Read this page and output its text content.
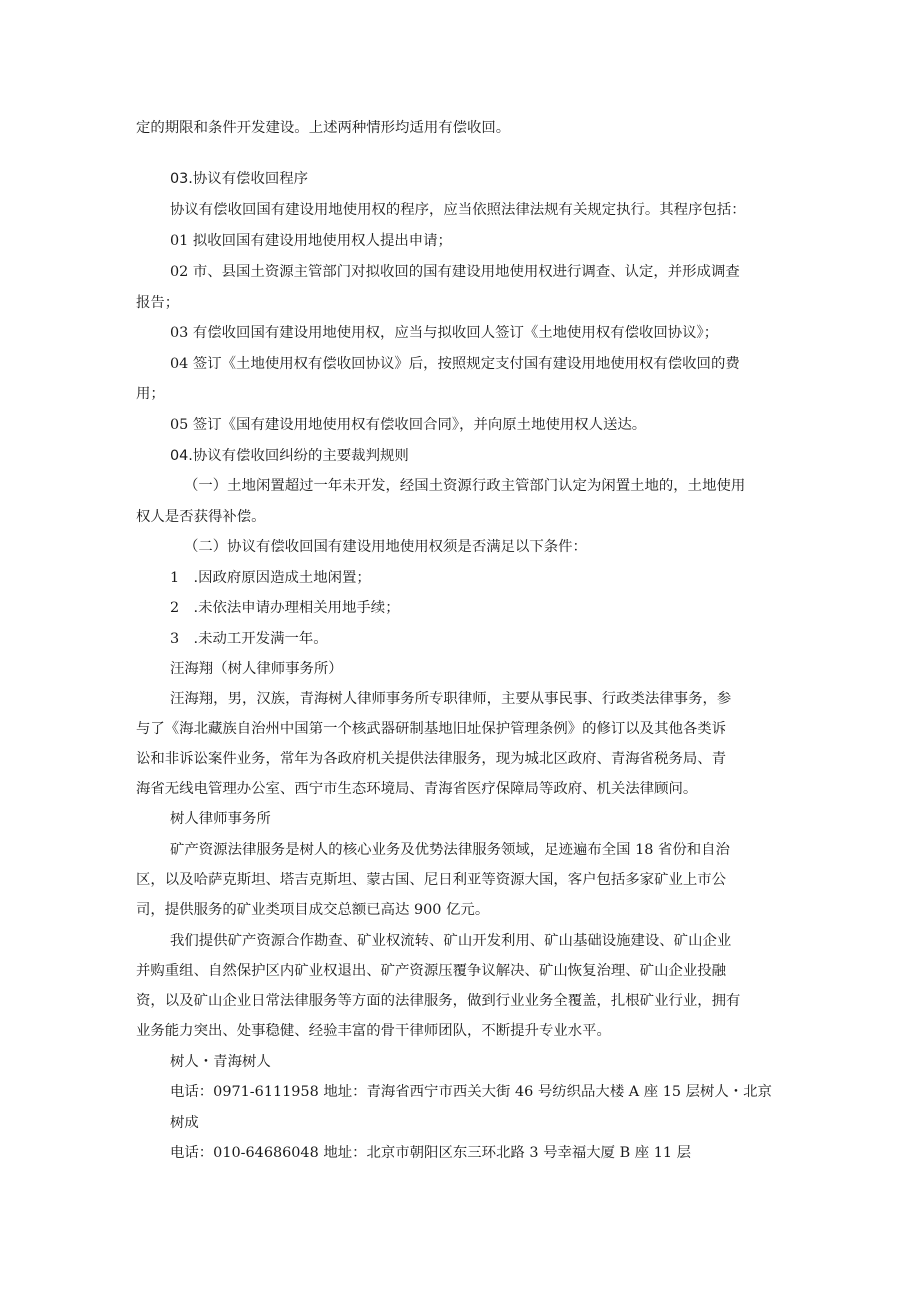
定的期限和条件开发建设。上述两种情形均适用有偿收回。
03.协议有偿收回程序
协议有偿收回国有建设用地使用权的程序，应当依照法律法规有关规定执行。其程序包括：
01 拟收回国有建设用地使用权人提出申请；
02 市、县国土资源主管部门对拟收回的国有建设用地使用权进行调查、认定，并形成调查
报告；
03 有偿收回国有建设用地使用权，应当与拟收回人签订《土地使用权有偿收回协议》；
04 签订《土地使用权有偿收回协议》后，按照规定支付国有建设用地使用权有偿收回的费
用；
05 签订《国有建设用地使用权有偿收回合同》，并向原土地使用权人送达。
04.协议有偿收回纠纷的主要裁判规则
（一）土地闲置超过一年未开发，经国土资源行政主管部门认定为闲置土地的，土地使用
权人是否获得补偿。
（二）协议有偿收回国有建设用地使用权须是否满足以下条件：
1　.因政府原因造成土地闲置；
2　.未依法申请办理相关用地手续；
3　.未动工开发满一年。
汪海翔（树人律师事务所）
汪海翔，男，汉族，青海树人律师事务所专职律师，主要从事民事、行政类法律事务，参
与了《海北藏族自治州中国第一个核武器研制基地旧址保护管理条例》的修订以及其他各类诉
讼和非诉讼案件业务，常年为各政府机关提供法律服务，现为城北区政府、青海省税务局、青
海省无线电管理办公室、西宁市生态环境局、青海省医疗保障局等政府、机关法律顾问。
树人律师事务所
矿产资源法律服务是树人的核心业务及优势法律服务领域，足迹遍布全国 18 省份和自治
区，以及哈萨克斯坦、塔吉克斯坦、蒙古国、尼日利亚等资源大国，客户包括多家矿业上市公
司，提供服务的矿业类项目成交总额已高达 900 亿元。
我们提供矿产资源合作勘查、矿业权流转、矿山开发利用、矿山基础设施建设、矿山企业
并购重组、自然保护区内矿业权退出、矿产资源压覆争议解决、矿山恢复治理、矿山企业投融
资，以及矿山企业日常法律服务等方面的法律服务，做到行业业务全覆盖，扎根矿业行业，拥有
业务能力突出、处事稳健、经验丰富的骨干律师团队，不断提升专业水平。
树人・青海树人
电话：0971-6111958 地址：青海省西宁市西关大街 46 号纺织品大楼 A 座 15 层树人・北京
树成
电话：010-64686048 地址：北京市朝阳区东三环北路 3 号幸福大厦 B 座 11 层
